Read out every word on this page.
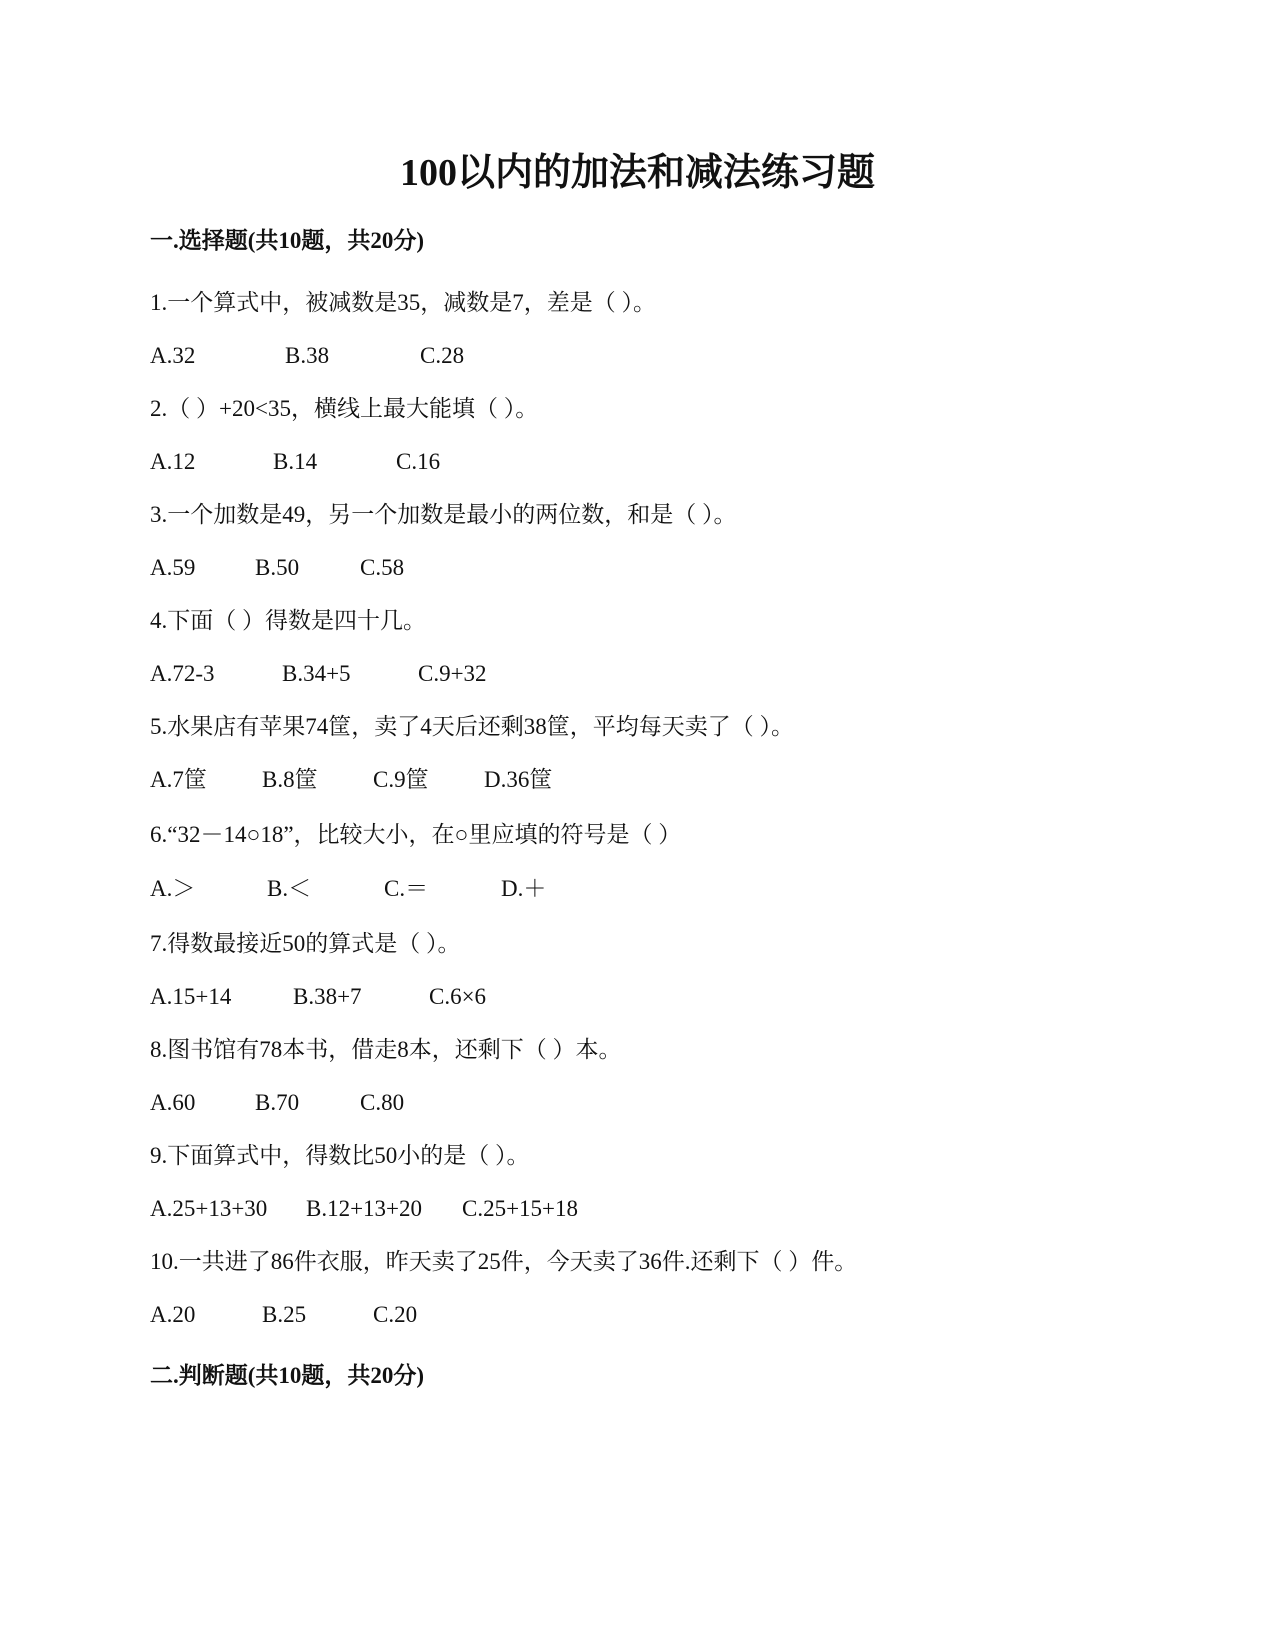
100以内的加法和减法练习题
一.选择题(共10题，共20分)
1.一个算式中，被减数是35，减数是7，差是（ ）。
A.32	B.38	C.28
2.（ ）+20<35，横线上最大能填（ ）。
A.12	B.14	C.16
3.一个加数是49，另一个加数是最小的两位数，和是（ ）。
A.59	B.50	C.58
4.下面（ ）得数是四十几。
A.72-3	B.34+5	C.9+32
5.水果店有苹果74筐，卖了4天后还剩38筐，平均每天卖了（ ）。
A.7筐 B.8筐 C.9筐 D.36筐
6.“32－14○18”，比较大小，在○里应填的符号是（ ）
A.＞	B.＜	C.＝	D.＋
7.得数最接近50的算式是（ ）。
A.15+14	B.38+7	C.6×6
8.图书馆有78本书，借走8本，还剩下（ ）本。
A.60	B.70	C.80
9.下面算式中，得数比50小的是（ ）。
A.25+13+30 B.12+13+20 C.25+15+18
10.一共进了86件衣服，昨天卖了25件，今天卖了36件.还剩下（ ）件。
A.20	B.25	C.20
二.判断题(共10题，共20分)
